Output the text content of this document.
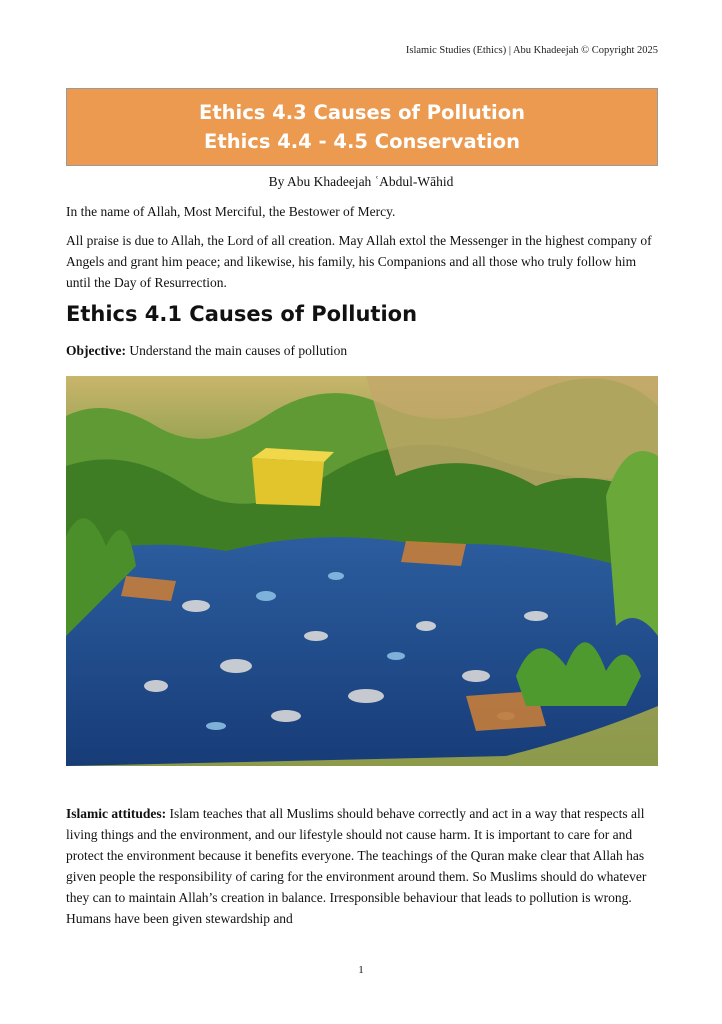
Islamic Studies (Ethics) | Abu Khadeejah © Copyright 2025
Ethics 4.3 Causes of Pollution
Ethics 4.4 - 4.5 Conservation
By Abu Khadeejah ʿAbdul-Wāhid
In the name of Allah, Most Merciful, the Bestower of Mercy.
All praise is due to Allah, the Lord of all creation. May Allah extol the Messenger in the highest company of Angels and grant him peace; and likewise, his family, his Companions and all those who truly follow him until the Day of Resurrection.
Ethics 4.1 Causes of Pollution
Objective: Understand the main causes of pollution
Islamic attitudes: Islam teaches that all Muslims should behave correctly and act in a way that respects all living things and the environment, and our lifestyle should not cause harm. It is important to care for and protect the environment because it benefits everyone. The teachings of the Quran make clear that Allah has given people the responsibility of caring for the environment around them. So Muslims should do whatever they can to maintain Allah’s creation in balance. Irresponsible behaviour that leads to pollution is wrong. Humans have been given stewardship and
1
